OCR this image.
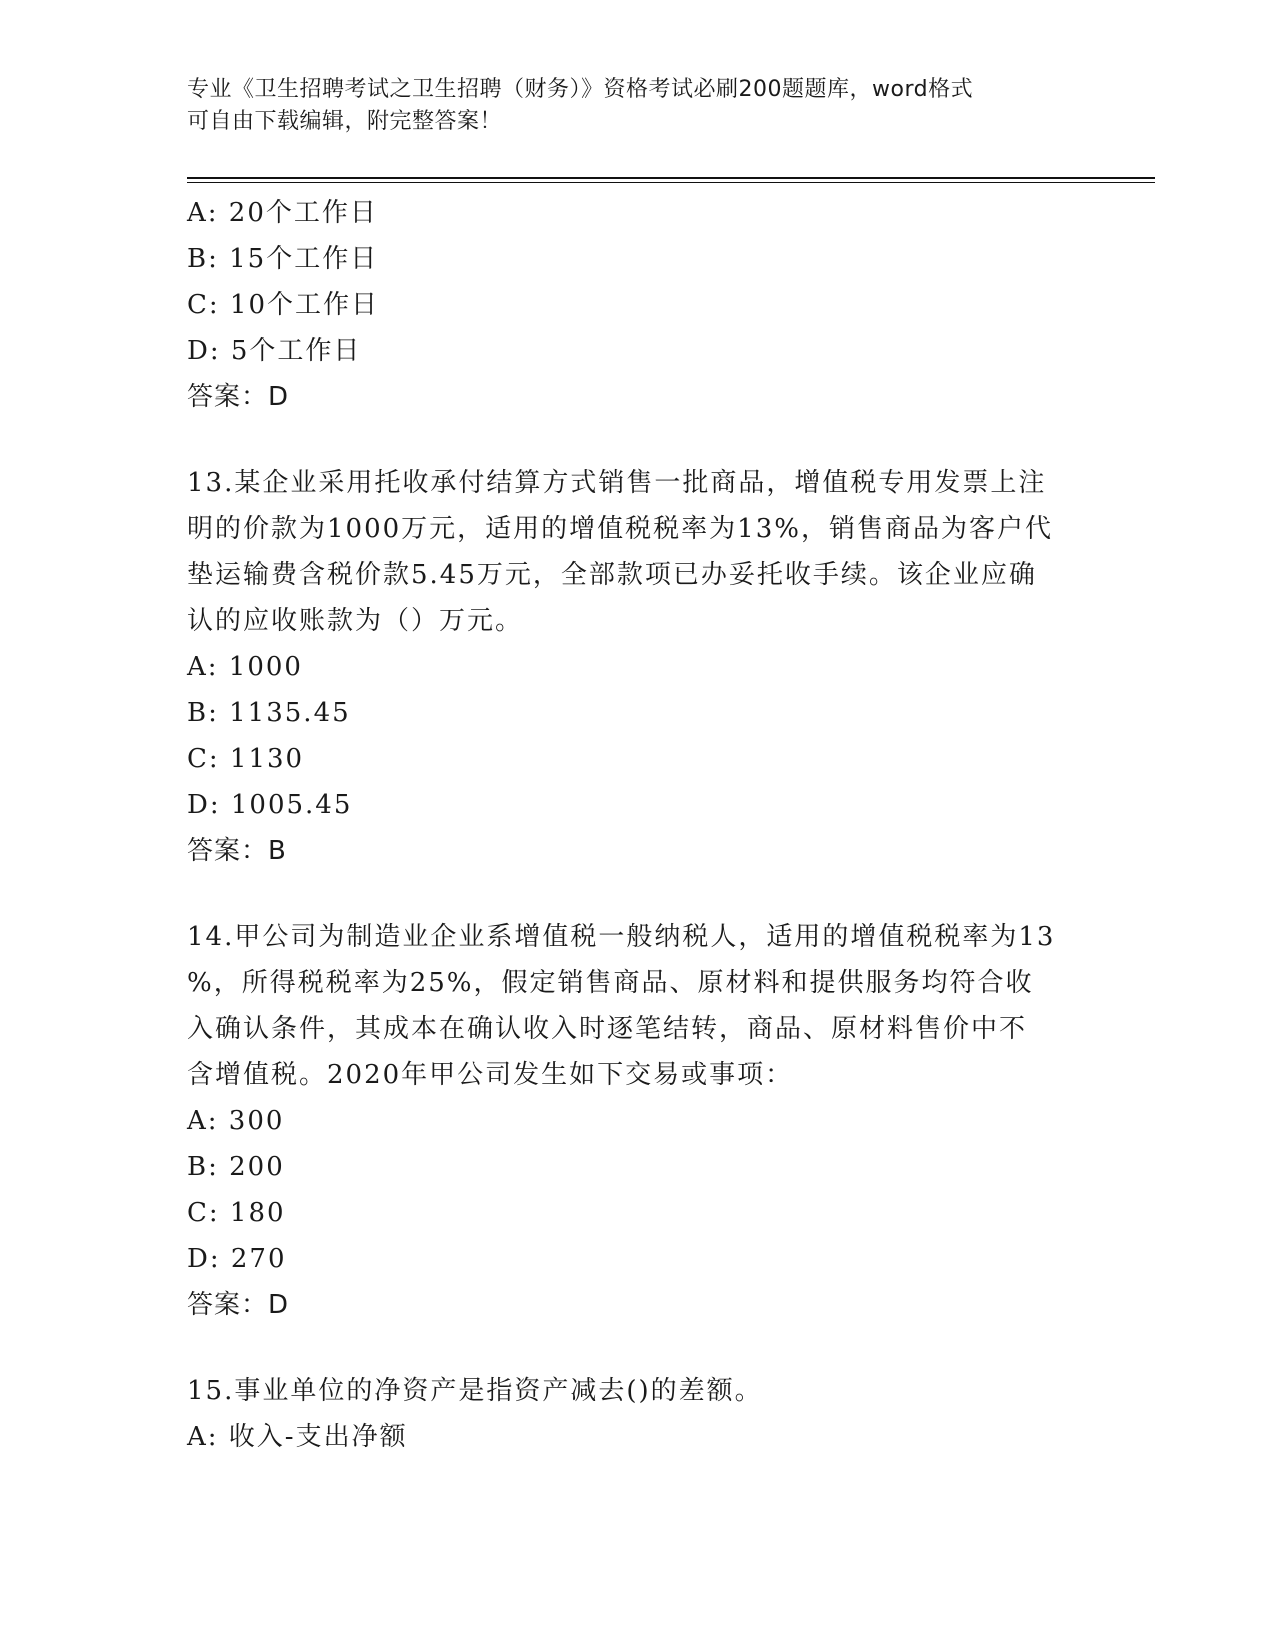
专业《卫生招聘考试之卫生招聘（财务）》资格考试必刷200题题库，word格式
可自由下载编辑，附完整答案！
A: 20个工作日
B: 15个工作日
C: 10个工作日
D: 5个工作日
答案：D
13.某企业采用托收承付结算方式销售一批商品，增值税专用发票上注
明的价款为1000万元，适用的增值税税率为13%，销售商品为客户代
垫运输费含税价款5.45万元，全部款项已办妥托收手续。该企业应确
认的应收账款为（）万元。
A: 1000
B: 1135.45
C: 1130
D: 1005.45
答案：B
14.甲公司为制造业企业系增值税一般纳税人，适用的增值税税率为13
%，所得税税率为25%，假定销售商品、原材料和提供服务均符合收
入确认条件，其成本在确认收入时逐笔结转，商品、原材料售价中不
含增值税。2020年甲公司发生如下交易或事项：
A: 300
B: 200
C: 180
D: 270
答案：D
15.事业单位的净资产是指资产减去()的差额。
A: 收入-支出净额
